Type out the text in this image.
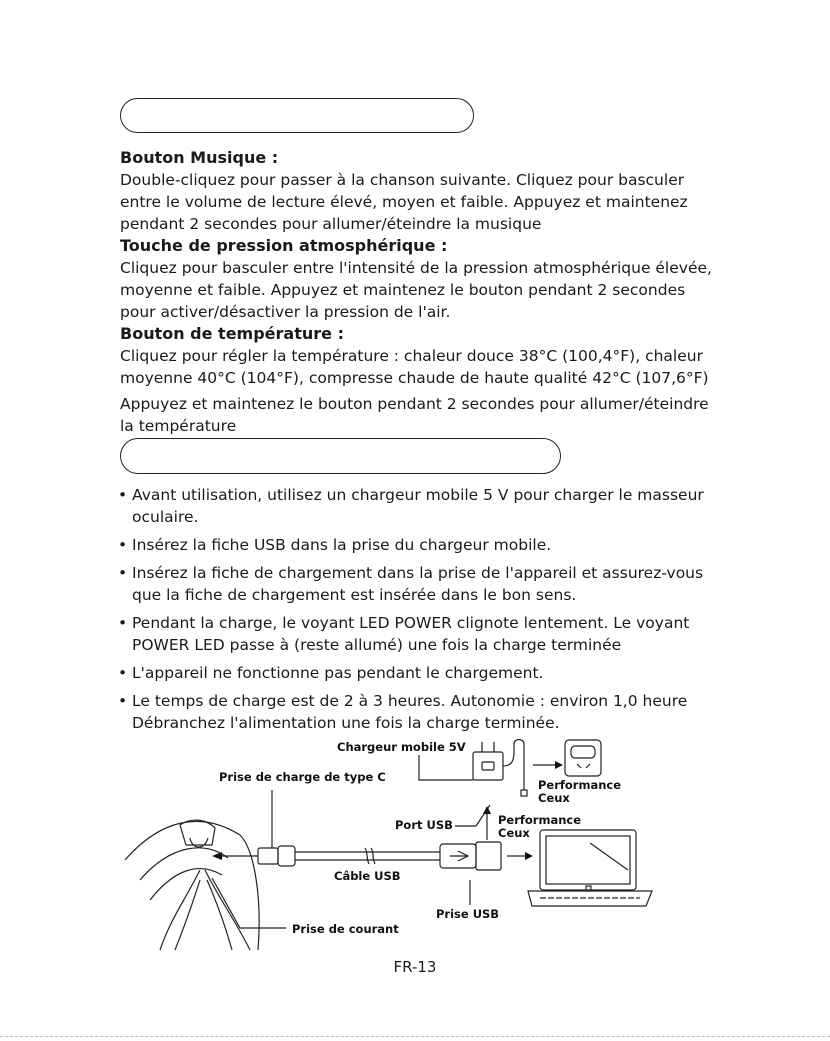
Bouton Musique :

Double-cliquez pour passer à la chanson suivante. Cliquez pour basculer entre le volume de lecture élevé, moyen et faible. Appuyez et maintenez pendant 2 secondes pour allumer/éteindre la musique

Touche de pression atmosphérique :

Cliquez pour basculer entre l'intensité de la pression atmosphérique élevée, moyenne et faible. Appuyez et maintenez le bouton pendant 2 secondes pour activer/désactiver la pression de l'air.

Bouton de température :

Cliquez pour régler la température : chaleur douce 38°C (100,4°F), chaleur moyenne 40°C (104°F), compresse chaude de haute qualité 42°C (107,6°F)

Appuyez et maintenez le bouton pendant 2 secondes pour allumer/éteindre la température

• Avant utilisation, utilisez un chargeur mobile 5 V pour charger le masseur oculaire.
• Insérez la fiche USB dans la prise du chargeur mobile.
• Insérez la fiche de chargement dans la prise de l'appareil et assurez-vous que la fiche de chargement est insérée dans le bon sens.
• Pendant la charge, le voyant LED POWER clignote lentement. Le voyant POWER LED passe à (reste allumé) une fois la charge terminée
• L'appareil ne fonctionne pas pendant le chargement.
• Le temps de charge est de 2 à 3 heures. Autonomie : environ 1,0 heure Débranchez l'alimentation une fois la charge terminée.
Chargeur mobile 5V
Prise de charge de type C
Performance
Ceux
Port USB	Performance
Ceux
Câble USB
Prise USB
Prise de courant
FR-13
